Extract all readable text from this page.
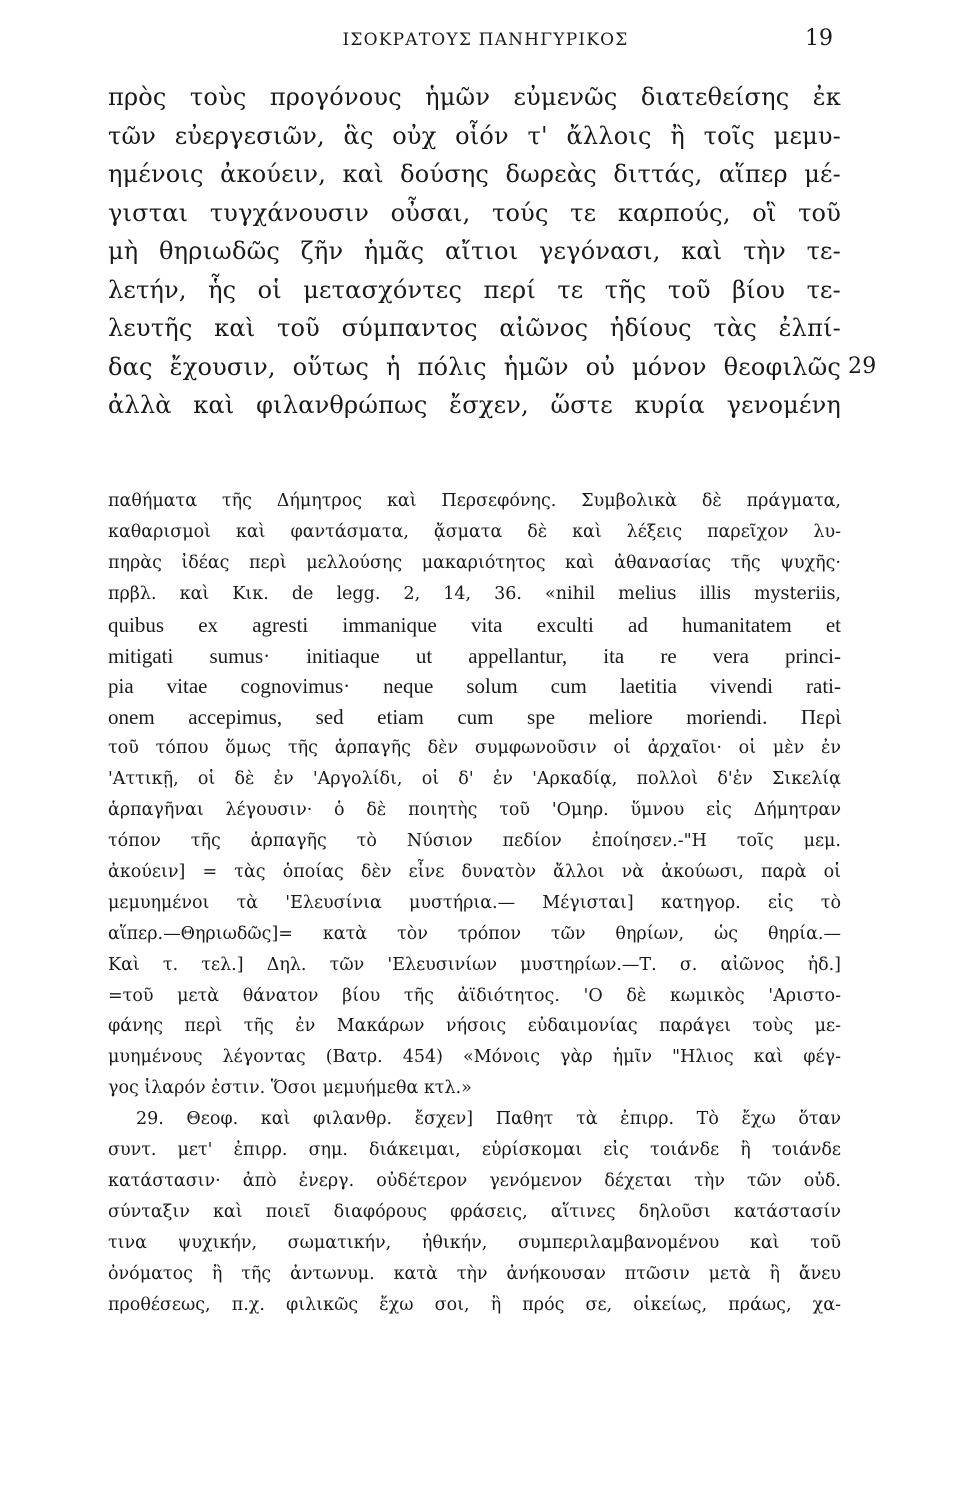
ΙΣΟΚΡΑΤΟΥΣ ΠΑΝΗΓΥΡΙΚΟΣ	19
πρὸς τοὺς προγόνους ἡμῶν εὐμενῶς διατεθείσης ἐκ
τῶν εὐεργεσιῶν, ἃς οὐχ οἷόν τ' ἄλλοις ἢ τοῖς μεμυ-
ημένοις ἀκούειν, καὶ δούσης δωρεὰς διττάς, αἵπερ μέ-
γισται τυγχάνουσιν οὖσαι, τούς τε καρπούς, οἳ τοῦ
μὴ θηριωδῶς ζῆν ἡμᾶς αἴτιοι γεγόνασι, καὶ τὴν τε-
λετήν, ἧς οἱ μετασχόντες περί τε τῆς τοῦ βίου τε-
λευτῆς καὶ τοῦ σύμπαντος αἰῶνος ἡδίους τὰς ἐλπί-
δας ἔχουσιν, οὕτως ἡ πόλις ἡμῶν οὐ μόνον θεοφιλῶς 29
ἀλλὰ καὶ φιλανθρώπως ἔσχεν, ὥστε κυρία γενομένη
παθήματα τῆς Δήμητρος καὶ Περσεφόνης. Συμβολικὰ δὲ πράγματα,
καθαρισμοὶ καὶ φαντάσματα, ᾄσματα δὲ καὶ λέξεις παρεῖχον λυ-
πηρὰς ἰδέας περὶ μελλούσης μακαριότητος καὶ ἀθανασίας τῆς ψυχῆς·
πρβλ. καὶ Κικ. de legg. 2, 14, 36. «nihil melius illis mysteriis,
quibus ex agresti immanique vita exculti ad humanitatem et
mitigati sumus· initiaque ut appellantur, ita re vera princi-
pia vitae cognovimus· neque solum cum laetitia vivendi rati-
onem accepimus, sed etiam cum spe meliore moriendi. Περὶ
τοῦ τόπου ὅμως τῆς ἁρπαγῆς δὲν συμφωνοῦσιν οἱ ἀρχαῖοι· οἱ μὲν ἐν
'Αττικῇ, οἱ δὲ ἐν 'Αργολίδι, οἱ δ' ἐν 'Αρκαδίᾳ, πολλοὶ δ'ἐν Σικελίᾳ
ἁρπαγῆναι λέγουσιν· ὁ δὲ ποιητὴς τοῦ 'Ομηρ. ὕμνου εἰς Δήμητραν
τόπον τῆς ἁρπαγῆς τὸ Νύσιον πεδίον ἐποίησεν.-"Η τοῖς μεμ.
ἀκούειν] = τὰς ὁποίας δὲν εἶνε δυνατὸν ἄλλοι νὰ ἀκούωσι, παρὰ οἱ
μεμυημένοι τὰ 'Ελευσίνια μυστήρια.— Μέγισται] κατηγορ. εἰς τὸ
αἵπερ.—Θηριωδῶς]= κατὰ τὸν τρόπον τῶν θηρίων, ὡς θηρία.—
Καὶ τ. τελ.] Δηλ. τῶν 'Ελευσινίων μυστηρίων.—Τ. σ. αἰῶνος ἡδ.]
=τοῦ μετὰ θάνατον βίου τῆς ἀϊδιότητος. 'Ο δὲ κωμικὸς 'Αριστο-
φάνης περὶ τῆς ἐν Μακάρων νήσοις εὐδαιμονίας παράγει τοὺς με-
μυημένους λέγοντας (Βατρ. 454) «Μόνοις γὰρ ἡμῖν "Ηλιος καὶ φέγ-
γος ἱλαρόν ἐστιν. Ὅσοι μεμυήμεθα κτλ.»
29. Θεοφ. καὶ φιλανθρ. ἔσχεν] Παθητ τὰ ἐπιρρ. Τὸ ἔχω ὅταν
συντ. μετ' ἐπιρρ. σημ. διάκειμαι, εὑρίσκομαι εἰς τοιάνδε ἢ τοιάνδε
κατάστασιν· ἀπὸ ἐνεργ. οὐδέτερον γενόμενον δέχεται τὴν τῶν οὐδ.
σύνταξιν καὶ ποιεῖ διαφόρους φράσεις, αἵτινες δηλοῦσι κατάστασίν
τινα ψυχικήν, σωματικήν, ἠθικήν, συμπεριλαμβανομένου καὶ τοῦ
ὀνόματος ἢ τῆς ἀντωνυμ. κατὰ τὴν ἀνήκουσαν πτῶσιν μετὰ ἢ ἄνευ
προθέσεως, π.χ. φιλικῶς ἔχω σοι, ἢ πρός σε, οἰκείως, πράως, χα-
